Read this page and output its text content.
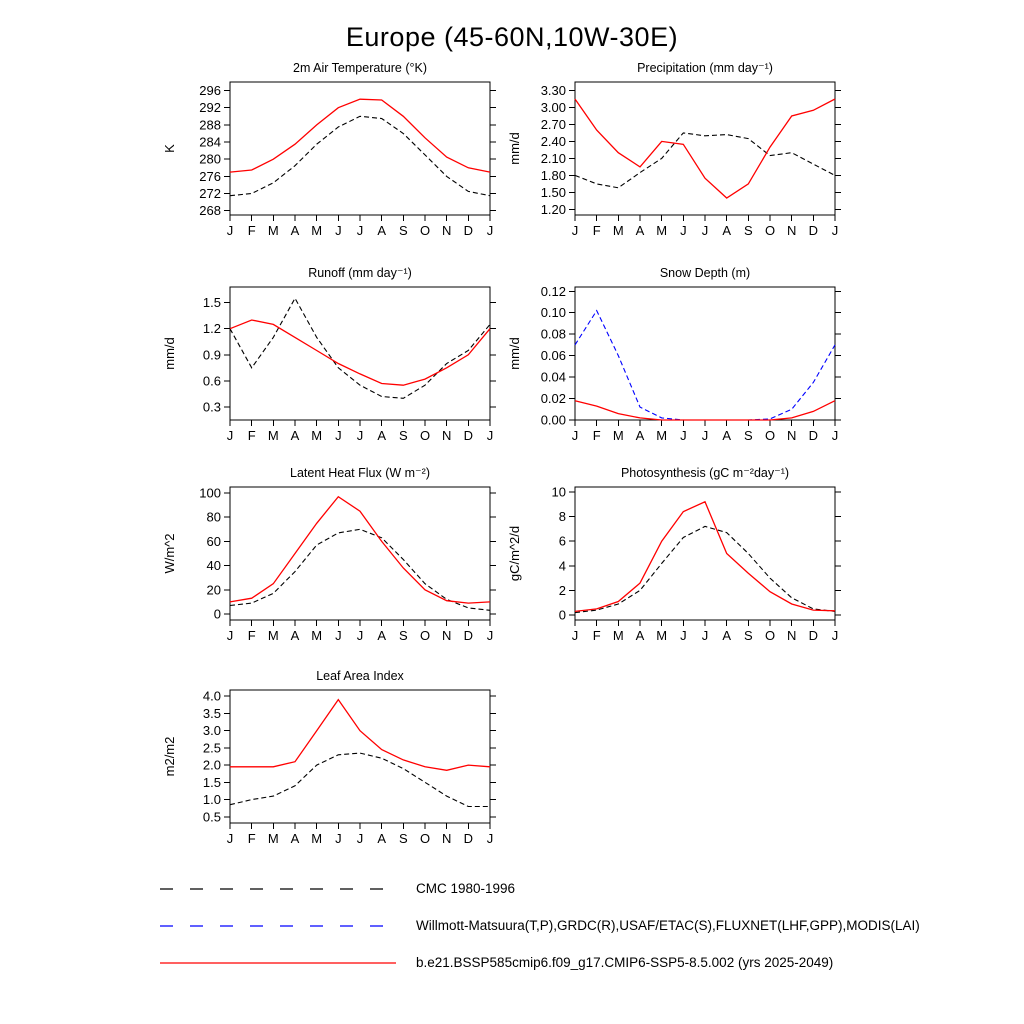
Europe (45-60N,10W-30E)
268
272
276
280
284
288
292
296
J F M A M J J A S O N D J
2m Air Temperature (°K)
K
1.20
1.50
1.80
2.10
2.40
2.70
3.00
3.30
J F M A M J J A S O N D J
Precipitation (mm day⁻¹)
mm/d
0.3
0.6
0.9
1.2
1.5
J F M A M J J A S O N D J
Runoff (mm day⁻¹)
mm/d
0.00
0.02
0.04
0.06
0.08
0.10
0.12
J F M A M J J A S O N D J
Snow Depth (m)
mm/d
0
20
40
60
80
100
J F M A M J J A S O N D J
Latent Heat Flux (W m⁻²)
W/m^2
0
2
4
6
8
10
J F M A M J J A S O N D J
Photosynthesis (gC m⁻²day⁻¹)
gC/m^2/d
0.5
1.0
1.5
2.0
2.5
3.0
3.5
4.0
J F M A M J J A S O N D J
Leaf Area Index
m2/m2
CMC 1980-1996
Willmott-Matsuura(T,P),GRDC(R),USAF/ETAC(S),FLUXNET(LHF,GPP),MODIS(LAI)
b.e21.BSSP585cmip6.f09_g17.CMIP6-SSP5-8.5.002 (yrs 2025-2049)
